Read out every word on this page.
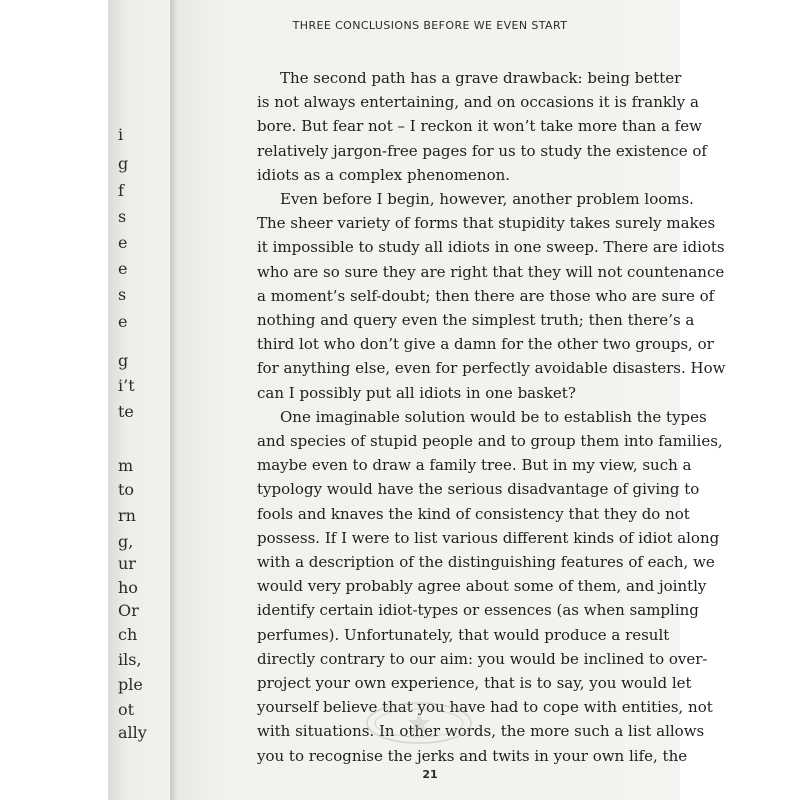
i
g
f
s
e
e
s
e
g
i’t
te
m
to
rn
g,
ur
ho
Or
ch
ils,
ple
ot
ally
THREE CONCLUSIONS BEFORE WE EVEN START
The second path has a grave drawback: being better
is not always entertaining, and on occasions it is frankly a
bore. But fear not – I reckon it won’t take more than a few
relatively jargon-free pages for us to study the existence of
idiots as a complex phenomenon.
Even before I begin, however, another problem looms.
The sheer variety of forms that stupidity takes surely makes
it impossible to study all idiots in one sweep. There are idiots
who are so sure they are right that they will not countenance
a moment’s self-doubt; then there are those who are sure of
nothing and query even the simplest truth; then there’s a
third lot who don’t give a damn for the other two groups, or
for anything else, even for perfectly avoidable disasters. How
can I possibly put all idiots in one basket?
One imaginable solution would be to establish the types
and species of stupid people and to group them into families,
maybe even to draw a family tree. But in my view, such a
typology would have the serious disadvantage of giving to
fools and knaves the kind of consistency that they do not
possess. If I were to list various different kinds of idiot along
with a description of the distinguishing features of each, we
would very probably agree about some of them, and jointly
identify certain idiot-types or essences (as when sampling
perfumes). Unfortunately, that would produce a result
directly contrary to our aim: you would be inclined to over-
project your own experience, that is to say, you would let
yourself believe that you have had to cope with entities, not
with situations. In other words, the more such a list allows
21
you to recognise the jerks and twits in your own life, the
